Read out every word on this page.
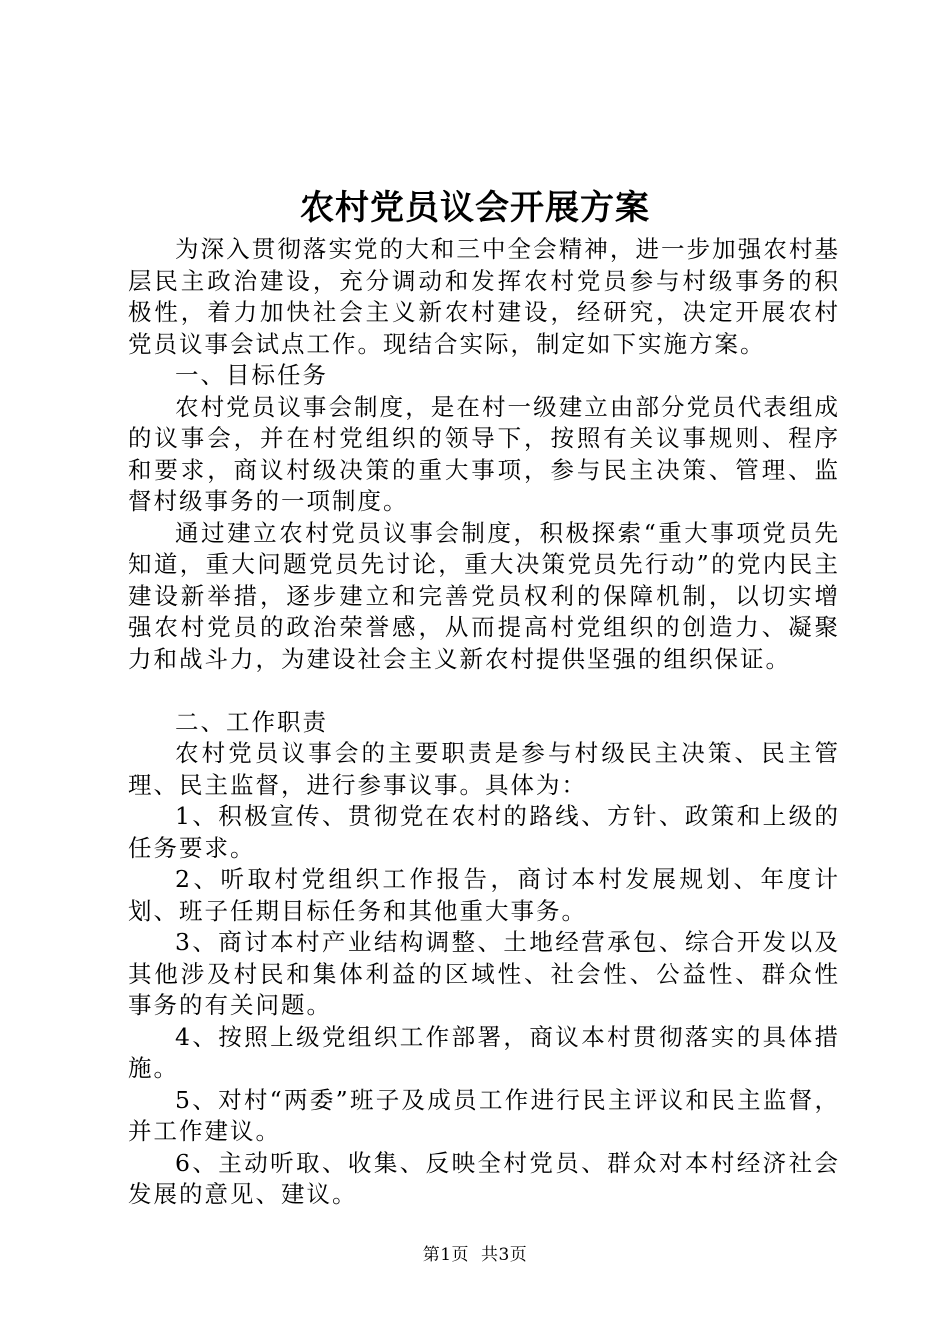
农村党员议会开展方案

为深入贯彻落实党的大和三中全会精神，进一步加强农村基层民主政治建设，充分调动和发挥农村党员参与村级事务的积极性，着力加快社会主义新农村建设，经研究，决定开展农村党员议事会试点工作。现结合实际，制定如下实施方案。

一、目标任务

农村党员议事会制度，是在村一级建立由部分党员代表组成的议事会，并在村党组织的领导下，按照有关议事规则、程序和要求，商议村级决策的重大事项，参与民主决策、管理、监督村级事务的一项制度。

通过建立农村党员议事会制度，积极探索“重大事项党员先知道，重大问题党员先讨论，重大决策党员先行动”的党内民主建设新举措，逐步建立和完善党员权利的保障机制，以切实增强农村党员的政治荣誉感，从而提高村党组织的创造力、凝聚力和战斗力，为建设社会主义新农村提供坚强的组织保证。

二、工作职责

农村党员议事会的主要职责是参与村级民主决策、民主管理、民主监督，进行参事议事。具体为：

1、积极宣传、贯彻党在农村的路线、方针、政策和上级的任务要求。

2、听取村党组织工作报告，商讨本村发展规划、年度计划、班子任期目标任务和其他重大事务。

3、商讨本村产业结构调整、土地经营承包、综合开发以及其他涉及村民和集体利益的区域性、社会性、公益性、群众性事务的有关问题。

4、按照上级党组织工作部署，商议本村贯彻落实的具体措施。

5、对村“两委”班子及成员工作进行民主评议和民主监督，并工作建议。

6、主动听取、收集、反映全村党员、群众对本村经济社会发展的意见、建议。

第1页 共3页
